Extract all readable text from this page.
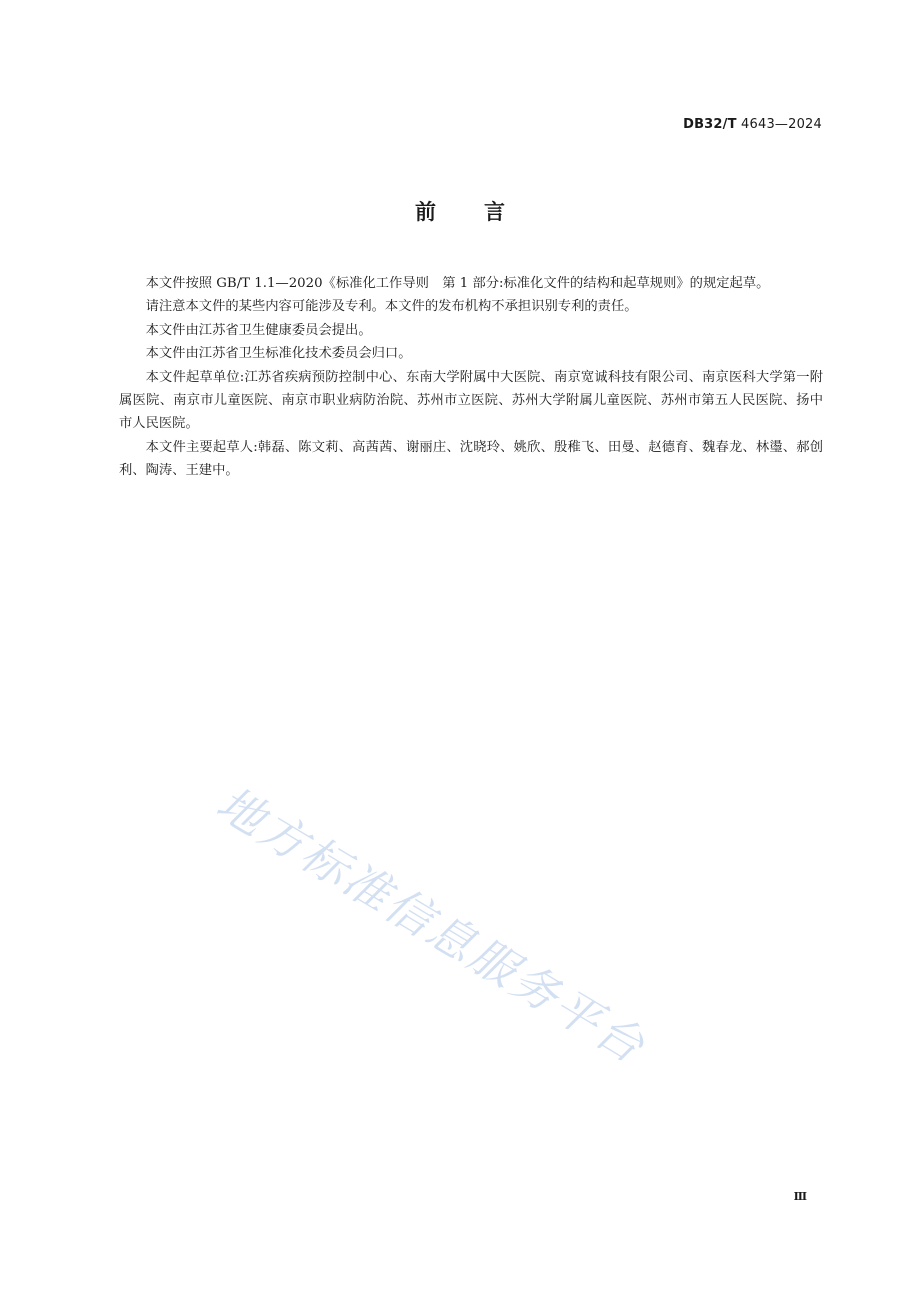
DB32/T 4643—2024
前言

本文件按照 GB/T 1.1—2020《标准化工作导则　第 1 部分:标准化文件的结构和起草规则》的规定起草。

请注意本文件的某些内容可能涉及专利。本文件的发布机构不承担识别专利的责任。

本文件由江苏省卫生健康委员会提出。

本文件由江苏省卫生标准化技术委员会归口。

本文件起草单位:江苏省疾病预防控制中心、东南大学附属中大医院、南京宽诚科技有限公司、南京医科大学第一附属医院、南京市儿童医院、南京市职业病防治院、苏州市立医院、苏州大学附属儿童医院、苏州市第五人民医院、扬中市人民医院。

本文件主要起草人:韩磊、陈文莉、高茜茜、谢丽庄、沈晓玲、姚欣、殷稚飞、田曼、赵德育、魏春龙、林璗、郝创利、陶涛、王建中。

地方标准信息服务平台
Ⅲ
